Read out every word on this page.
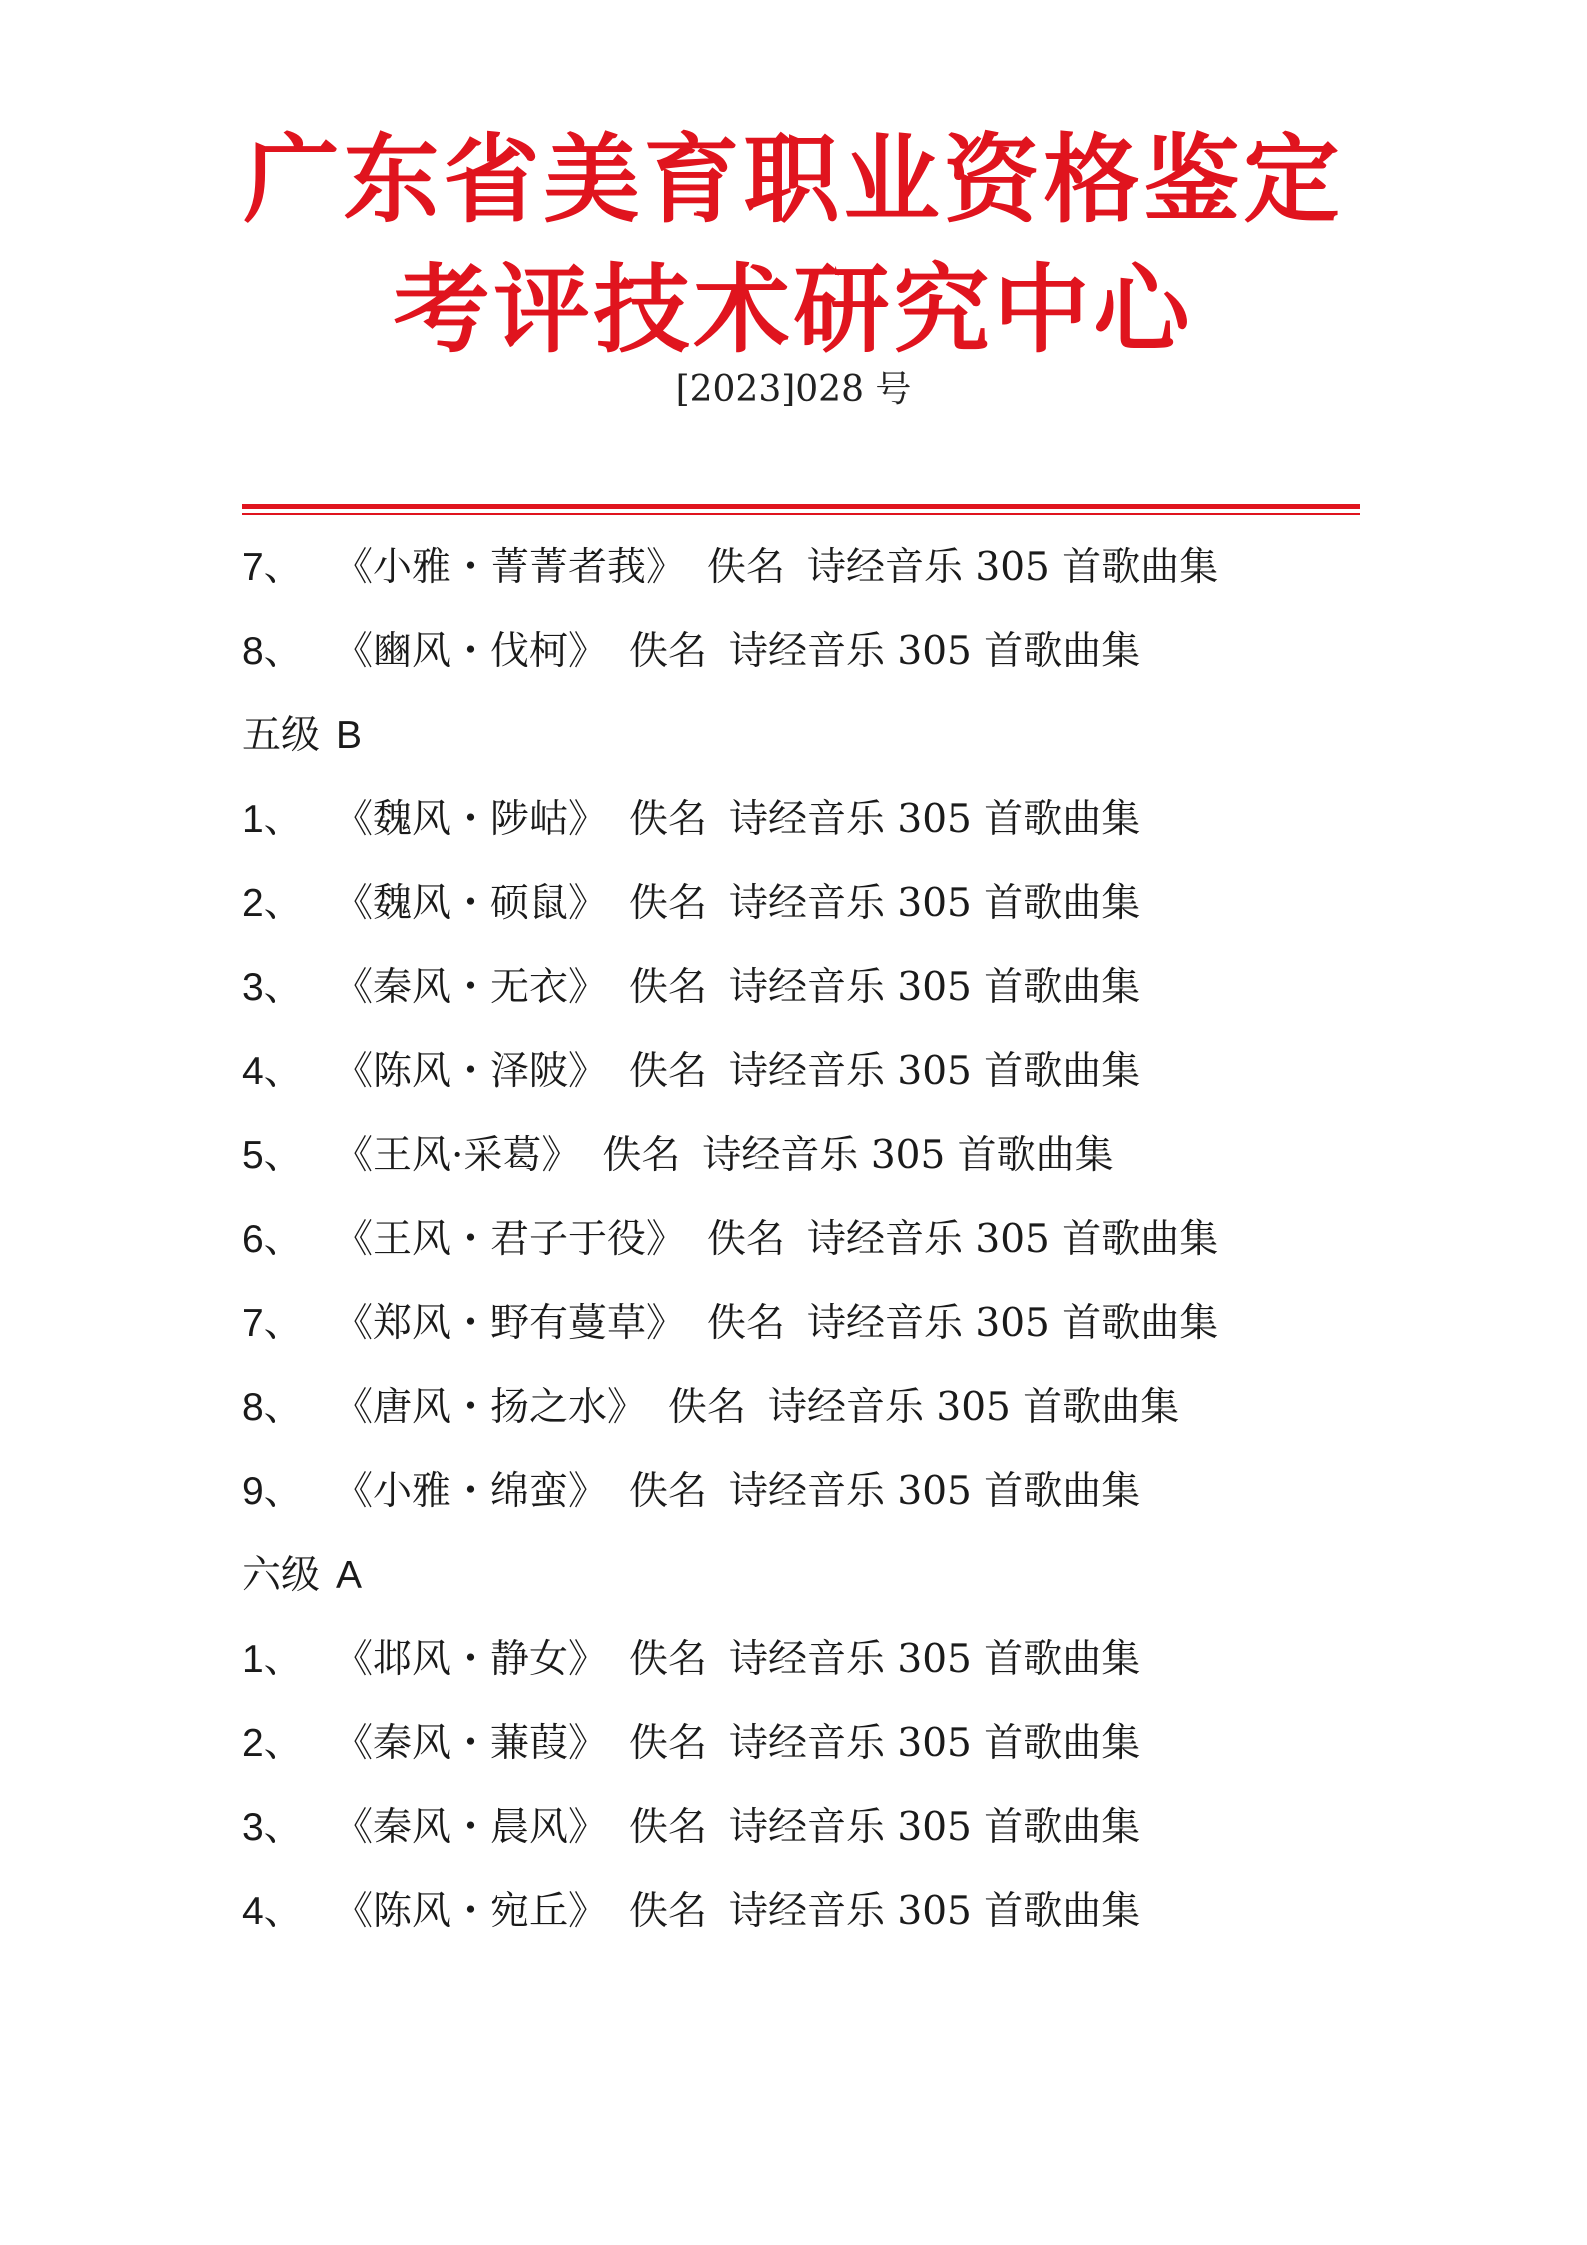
广东省美育职业资格鉴定
考评技术研究中心
[2023]028 号
7、 《小雅・菁菁者莪》 佚名 诗经音乐 305 首歌曲集
8、 《豳风・伐柯》 佚名 诗经音乐 305 首歌曲集
五级 B
1、 《魏风・陟岵》 佚名 诗经音乐 305 首歌曲集
2、 《魏风・硕鼠》 佚名 诗经音乐 305 首歌曲集
3、 《秦风・无衣》 佚名 诗经音乐 305 首歌曲集
4、 《陈风・泽陂》 佚名 诗经音乐 305 首歌曲集
5、 《王风·采葛》 佚名 诗经音乐 305 首歌曲集
6、 《王风・君子于役》 佚名 诗经音乐 305 首歌曲集
7、 《郑风・野有蔓草》 佚名 诗经音乐 305 首歌曲集
8、 《唐风・扬之水》 佚名 诗经音乐 305 首歌曲集
9、 《小雅・绵蛮》 佚名 诗经音乐 305 首歌曲集
六级 A
1、 《邶风・静女》 佚名 诗经音乐 305 首歌曲集
2、 《秦风・蒹葭》 佚名 诗经音乐 305 首歌曲集
3、 《秦风・晨风》 佚名 诗经音乐 305 首歌曲集
4、 《陈风・宛丘》 佚名 诗经音乐 305 首歌曲集
